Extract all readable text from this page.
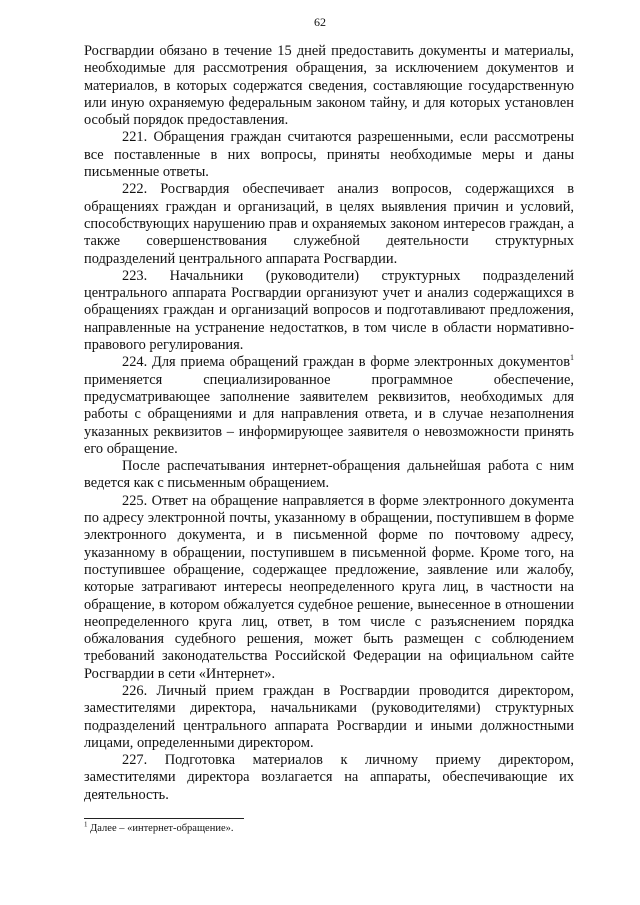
62

Росгвардии обязано в течение 15 дней предоставить документы и материалы, необходимые для рассмотрения обращения, за исключением документов и материалов, в которых содержатся сведения, составляющие государственную или иную охраняемую федеральным законом тайну, и для которых установлен особый порядок предоставления.

221. Обращения граждан считаются разрешенными, если рассмотрены все поставленные в них вопросы, приняты необходимые меры и даны письменные ответы.

222. Росгвардия обеспечивает анализ вопросов, содержащихся в обращениях граждан и организаций, в целях выявления причин и условий, способствующих нарушению прав и охраняемых законом интересов граждан, а также совершенствования служебной деятельности структурных подразделений центрального аппарата Росгвардии.

223. Начальники (руководители) структурных подразделений центрального аппарата Росгвардии организуют учет и анализ содержащихся в обращениях граждан и организаций вопросов и подготавливают предложения, направленные на устранение недостатков, в том числе в области нормативно-правового регулирования.

224. Для приема обращений граждан в форме электронных документов$^1$ применяется специализированное программное обеспечение, предусматривающее заполнение заявителем реквизитов, необходимых для работы с обращениями и для направления ответа, и в случае незаполнения указанных реквизитов – информирующее заявителя о невозможности принять его обращение.

После распечатывания интернет-обращения дальнейшая работа с ним ведется как с письменным обращением.

225. Ответ на обращение направляется в форме электронного документа по адресу электронной почты, указанному в обращении, поступившем в форме электронного документа, и в письменной форме по почтовому адресу, указанному в обращении, поступившем в письменной форме. Кроме того, на поступившее обращение, содержащее предложение, заявление или жалобу, которые затрагивают интересы неопределенного круга лиц, в частности на обращение, в котором обжалуется судебное решение, вынесенное в отношении неопределенного круга лиц, ответ, в том числе с разъяснением порядка обжалования судебного решения, может быть размещен с соблюдением требований законодательства Российской Федерации на официальном сайте Росгвардии в сети «Интернет».

226. Личный прием граждан в Росгвардии проводится директором, заместителями директора, начальниками (руководителями) структурных подразделений центрального аппарата Росгвардии и иными должностными лицами, определенными директором.

227. Подготовка материалов к личному приему директором, заместителями директора возлагается на аппараты, обеспечивающие их деятельность.

$^1$ Далее – «интернет-обращение».
